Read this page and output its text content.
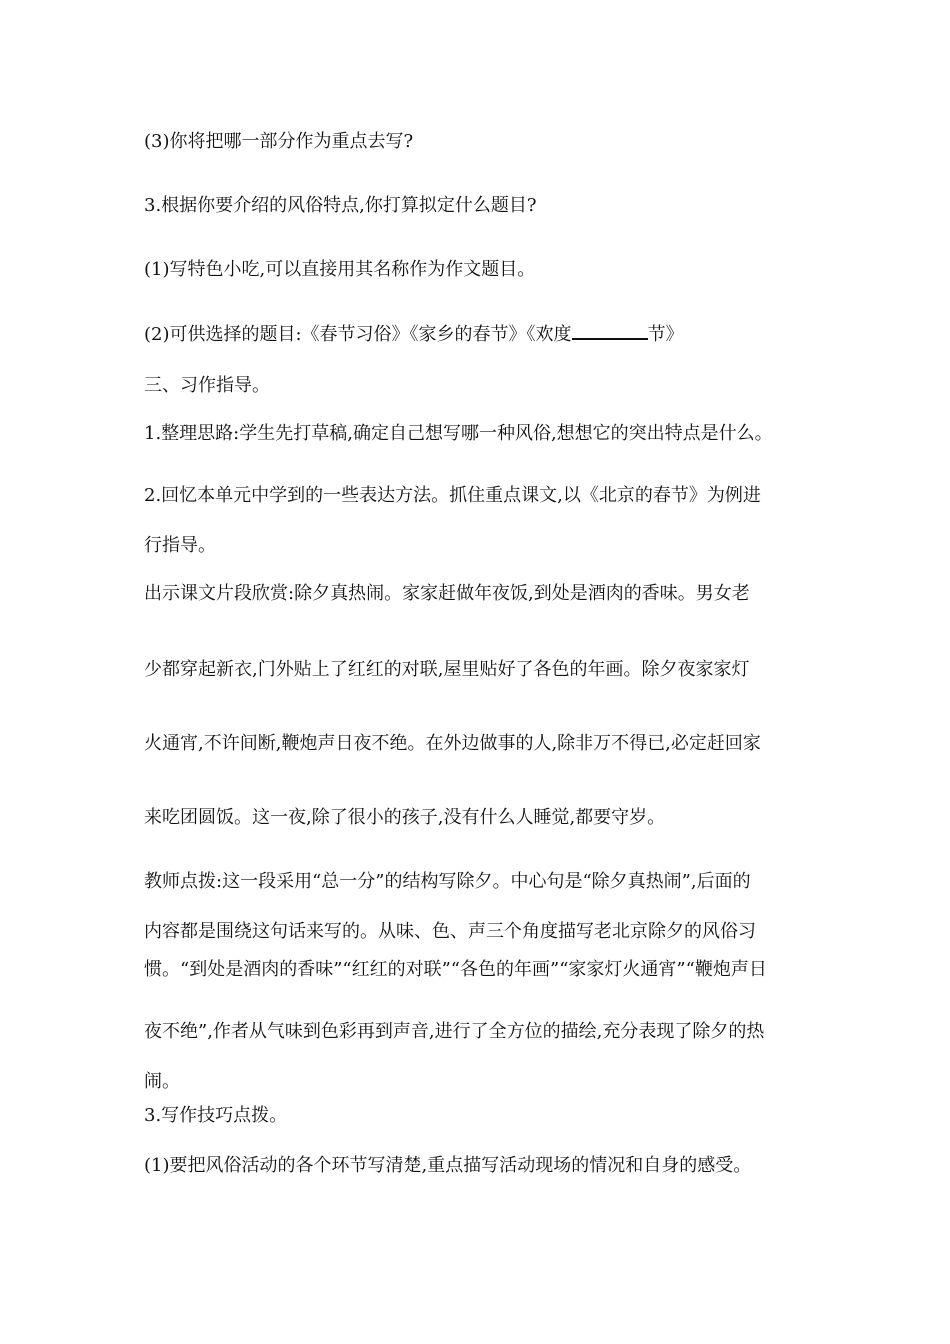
(3)你将把哪一部分作为重点去写?

3.根据你要介绍的风俗特点,你打算拟定什么题目?

(1)写特色小吃,可以直接用其名称作为作文题目。

(2)可供选择的题目:《春节习俗》《家乡的春节》《欢度	节》

三、习作指导。

1.整理思路:学生先打草稿,确定自己想写哪一种风俗,想想它的突出特点是什么。

2.回忆本单元中学到的一些表达方法。抓住重点课文,以《北京的春节》为例进

行指导。

出示课文片段欣赏:除夕真热闹。家家赶做年夜饭,到处是酒肉的香味。男女老

少都穿起新衣,门外贴上了红红的对联,屋里贴好了各色的年画。除夕夜家家灯

火通宵,不许间断,鞭炮声日夜不绝。在外边做事的人,除非万不得已,必定赶回家

来吃团圆饭。这一夜,除了很小的孩子,没有什么人睡觉,都要守岁。

教师点拨:这一段采用“总一分”的结构写除夕。中心句是“除夕真热闹”,后面的

内容都是围绕这句话来写的。从味、色、声三个角度描写老北京除夕的风俗习

惯。“到处是酒肉的香味”“红红的对联”“各色的年画”“家家灯火通宵”“鞭炮声日

夜不绝”,作者从气味到色彩再到声音,进行了全方位的描绘,充分表现了除夕的热

闹。

3.写作技巧点拨。

(1)要把风俗活动的各个环节写清楚,重点描写活动现场的情况和自身的感受。
